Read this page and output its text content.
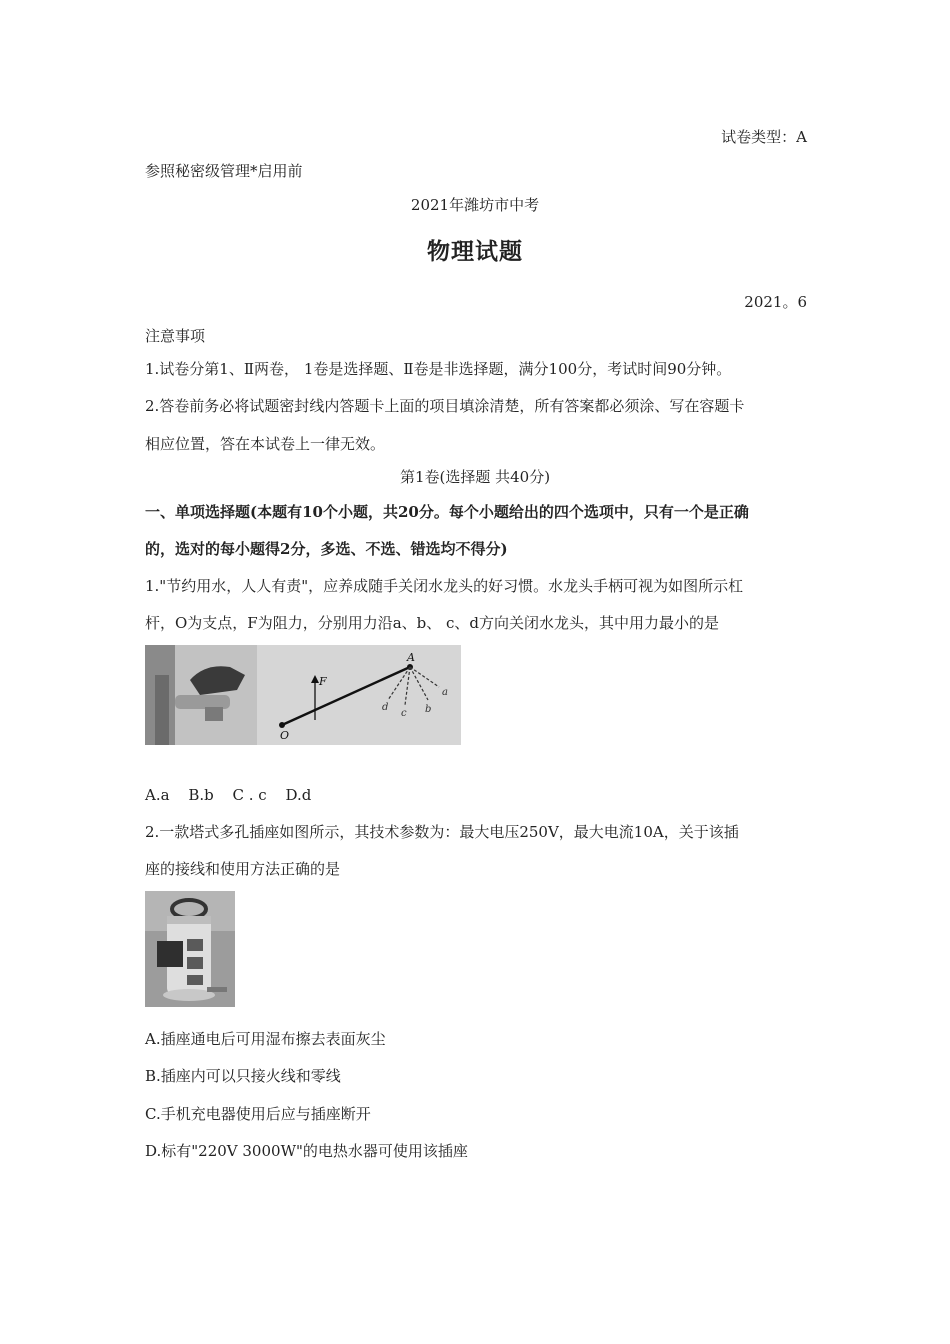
试卷类型：A
参照秘密级管理*启用前
2021年潍坊市中考
物理试题
2021。6
注意事项
1.试卷分第1、Ⅱ两卷， 1卷是选择题、Ⅱ卷是非选择题，满分100分，考试时间90分钟。
2.答卷前务必将试题密封线内答题卡上面的项目填涂清楚，所有答案都必须涂、写在容题卡
相应位置，答在本试卷上一律无效。
第1卷(选择题 共40分)
一、单项选择题(本题有10个小题，共20分。每个小题给出的四个选项中，只有一个是正确
的，选对的每小题得2分，多选、不选、错选均不得分)
1."节约用水，人人有责"，应养成随手关闭水龙头的好习惯。水龙头手柄可视为如图所示杠
杆，O为支点，F为阻力，分别用力沿a、b、 c、d方向关闭水龙头，其中用力最小的是
F
O
A
a
b
c
d
A.a B.b C . c D.d
2.一款塔式多孔插座如图所示，其技术参数为：最大电压250V，最大电流10A，关于该插
座的接线和使用方法正确的是
A.插座通电后可用湿布擦去表面灰尘
B.插座内可以只接火线和零线
C.手机充电器使用后应与插座断开
D.标有"220V 3000W"的电热水器可使用该插座
